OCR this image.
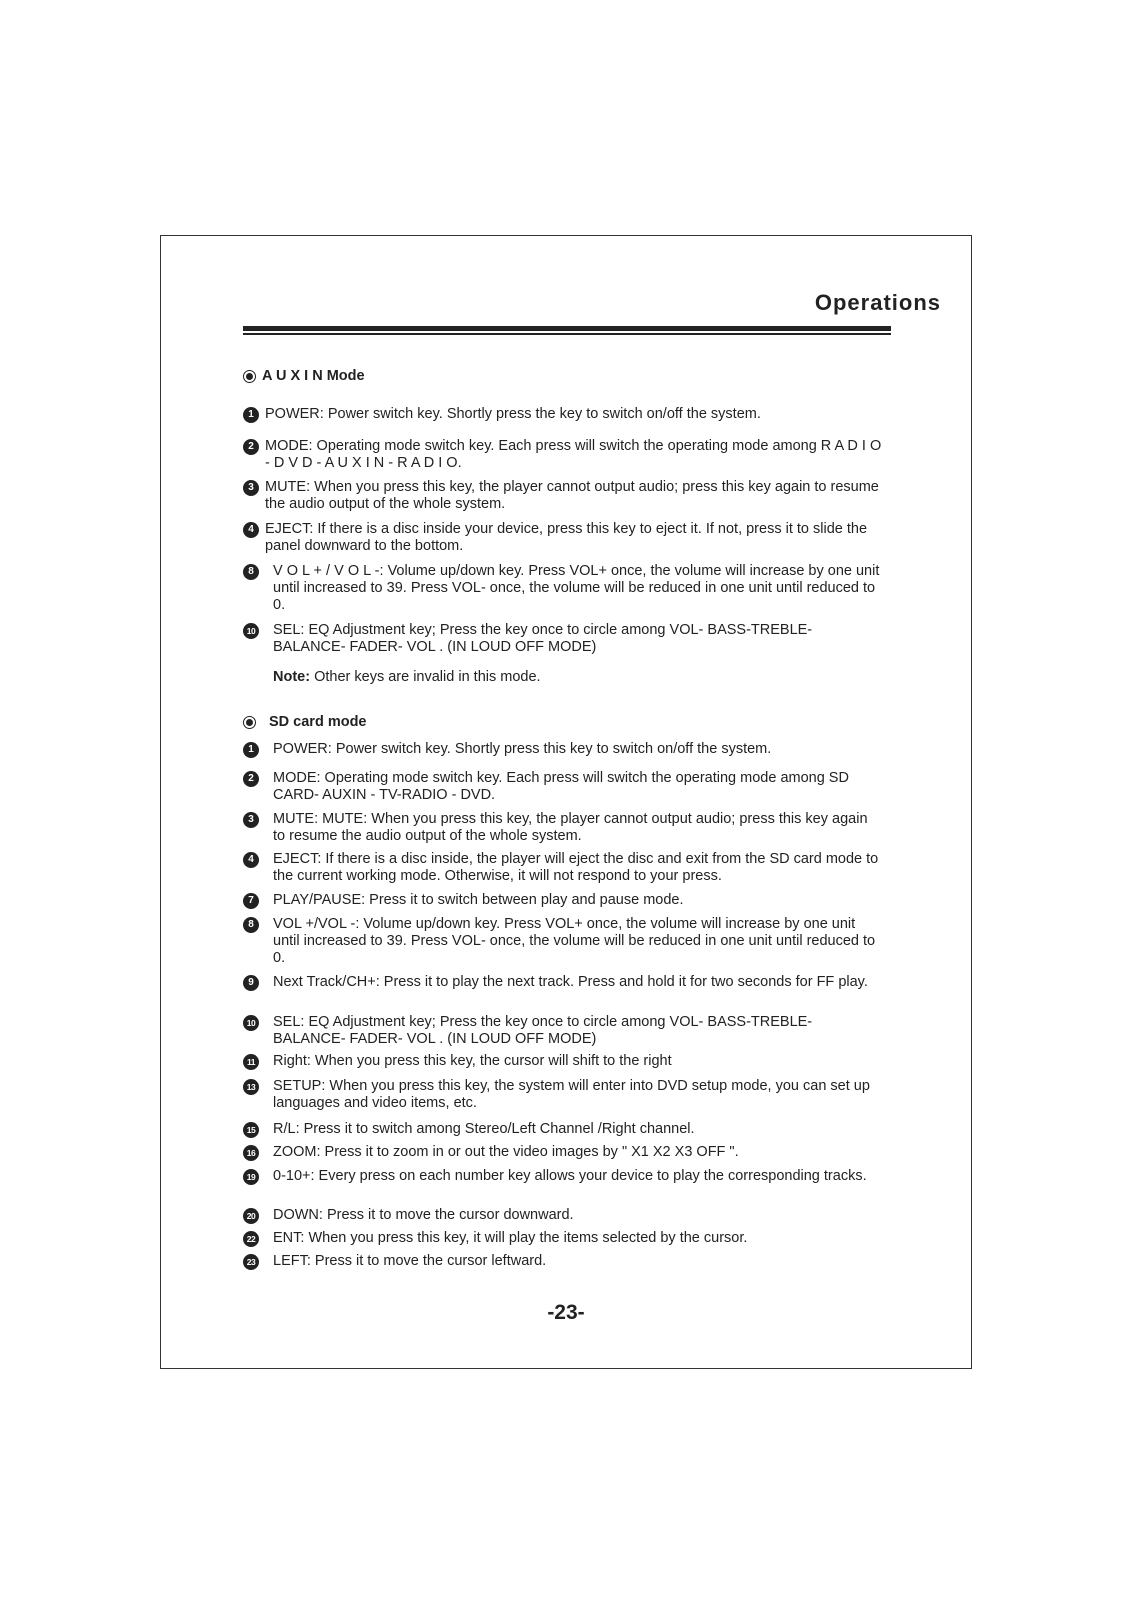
Operations
A U X I N Mode
1 POWER: Power switch key. Shortly press the key to switch on/off the system.
2 MODE: Operating mode switch key. Each press will switch the operating mode among R A D I O - D V D - A U X I N - R A D I O.
3 MUTE: When you press this key, the player cannot output audio; press this key again to resume the audio output of the whole system.
4 EJECT: If there is a disc inside your device, press this key to eject it. If not, press it to slide the panel downward to the bottom.
8	V O L + / V O L -: Volume up/down key. Press VOL+ once, the volume will increase by one unit until increased to 39. Press VOL- once, the volume will be reduced in one unit until reduced to 0.
10	SEL: EQ Adjustment key; Press the key once to circle among VOL- BASS-TREBLE- BALANCE- FADER- VOL . (IN LOUD OFF MODE)
Note: Other keys are invalid in this mode.
SD card mode
1	POWER: Power switch key. Shortly press this key to switch on/off the system.
2	MODE: Operating mode switch key. Each press will switch the operating mode among SD CARD- AUXIN - TV-RADIO - DVD.
3	MUTE: MUTE: When you press this key, the player cannot output audio; press this key again to resume the audio output of the whole system.
4	EJECT: If there is a disc inside, the player will eject the disc and exit from the SD card mode to the current working mode. Otherwise, it will not respond to your press.
7	PLAY/PAUSE: Press it to switch between play and pause mode.
8	VOL +/VOL -: Volume up/down key. Press VOL+ once, the volume will increase by one unit until increased to 39. Press VOL- once, the volume will be reduced in one unit until reduced to 0.
9	Next Track/CH+: Press it to play the next track. Press and hold it for two seconds for FF play.
10	SEL: EQ Adjustment key; Press the key once to circle among VOL- BASS-TREBLE- BALANCE- FADER- VOL . (IN LOUD OFF MODE)
11	Right: When you press this key, the cursor will shift to the right
13	SETUP: When you press this key, the system will enter into DVD setup mode, you can set up languages and video items, etc.
15	R/L: Press it to switch among Stereo/Left Channel /Right channel.
16	ZOOM: Press it to zoom in or out the video images by " X1 X2 X3 OFF ".
19	0-10+: Every press on each number key allows your device to play the corresponding tracks.
20	DOWN: Press it to move the cursor downward.
22	ENT: When you press this key, it will play the items selected by the cursor.
23	LEFT: Press it to move the cursor leftward.
-23-
